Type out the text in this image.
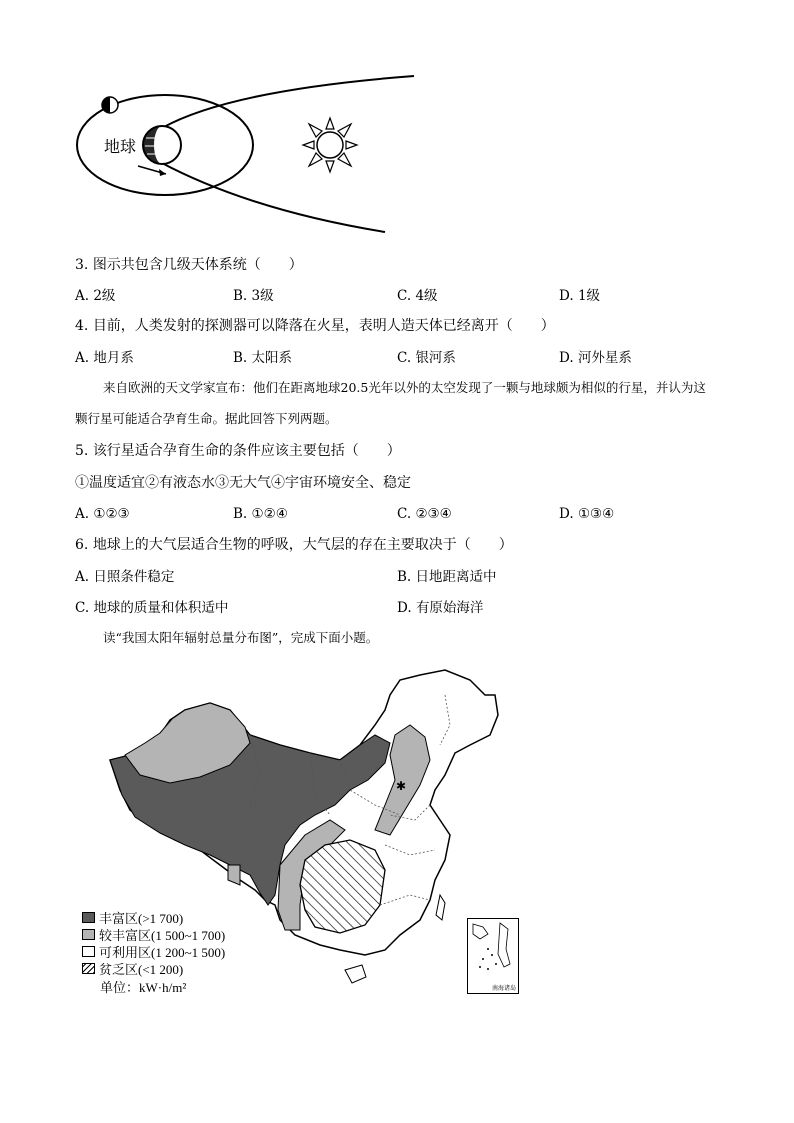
地球
3. 图示共包含几级天体系统（　　）
A. 2级	B. 3级	C. 4级	D. 1级
4. 目前，人类发射的探测器可以降落在火星，表明人造天体已经离开（　　）
A. 地月系	B. 太阳系	C. 银河系	D. 河外星系
来自欧洲的天文学家宣布：他们在距离地球20.5光年以外的太空发现了一颗与地球颇为相似的行星，并认为这颗行星可能适合孕育生命。据此回答下列两题。
5. 该行星适合孕育生命的条件应该主要包括（　　）
①温度适宜②有液态水③无大气④宇宙环境安全、稳定
A. ①②③	B. ①②④	C. ②③④	D. ①③④
6. 地球上的大气层适合生物的呼吸，大气层的存在主要取决于（　　）
A. 日照条件稳定	B. 日地距离适中
C. 地球的质量和体积适中	D. 有原始海洋
读“我国太阳年辐射总量分布图”，完成下面小题。
✱
南海诸岛
丰富区(>1 700)
较丰富区(1 500~1 700)
可利用区(1 200~1 500)
贫乏区(<1 200)
单位：kW·h/m²
